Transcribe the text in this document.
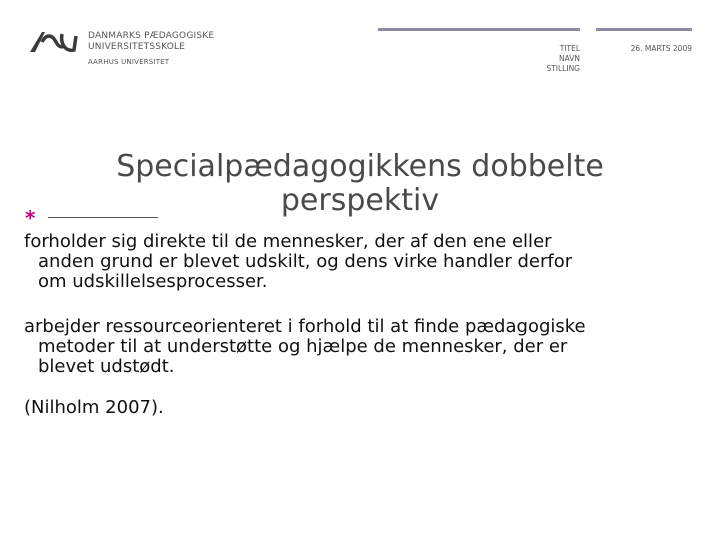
DANMARKS PÆDAGOGISKE
UNIVERSITETSSKOLE
AARHUS UNIVERSITET
TITEL
NAVN
STILLING
26. MARTS 2009
Specialpædagogikkens dobbelte
perspektiv
*
forholder sig direkte til de mennesker, der af den ene eller
anden grund er blevet udskilt, og dens virke handler derfor
om udskillelsesprocesser.
arbejder ressourceorienteret i forhold til at finde pædagogiske
metoder til at understøtte og hjælpe de mennesker, der er
blevet udstødt.
(Nilholm 2007).
